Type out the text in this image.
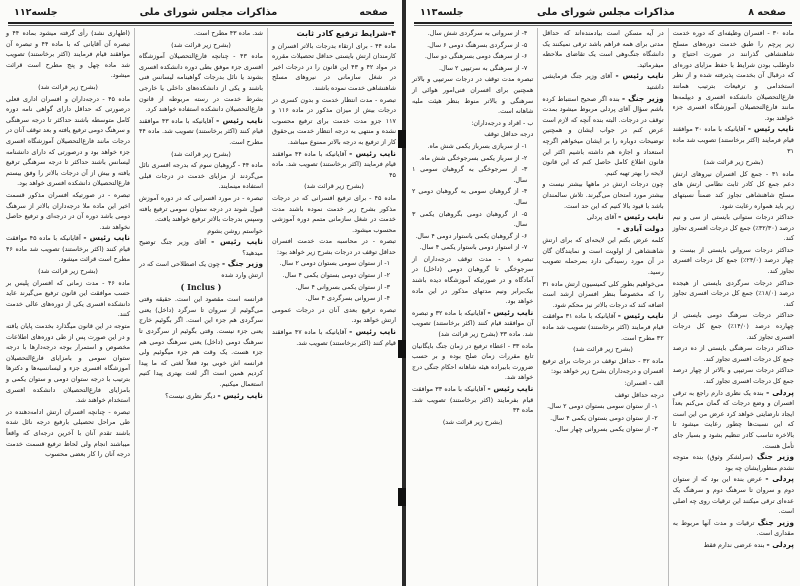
صفحه
مذاکرات مجلس شورای ملی
جلسه۱۱۲

۴-شرایط ترفیع کادر ثابت

ماده ۴۴ - برای ارتقاء بدرجات بالاتر افسران و کارمندان ارتش بایستی حداقل تحصیلات مقرره در مواد ۴۲ و ۴۳ این قانون را در درجات اخیر در شغل سازمانی در نیروهای مسلح شاهنشاهی خدمت نموده باشند.

تبصره - مدت انتظار خدمت و بدون کسری در درجات بیش از میزان مذکور در ماده ۱۱۶ و ۱۱۷ جزو مدت خدمت برای ترفیع محسوب نشده و منتهی به درجه انتظار خدمت بی‌حقوق کار از ترفیع به درجه بالاتر ممنوع میباشد.

نایب رئیس - آقایانیکه با ماده ۴۴ موافقند قیام فرمایند (اکثر برخاستند) تصویب شد. ماده ۴۵

(بشرح زیر قرائت شد)

ماده ۴۵ - برای ترفیع افسرانی که در درجات مذکور بشرح زیر خدمت نموده باشند مدت خدمت در شغل سازمانی متمم دوره آموزشی محسوب میشود.

تبصره - در محاسبه مدت خدمت افسران حداقل توقف در درجات بشرح زیر خواهد بود:

۱- از ستوان سومی بستوان دومی ۲ سال.

۲- از ستوان دومی بستوان یکمی ۴ سال.

۳- از ستوان یکمی بسروانی ۴ سال.

۴- از سروانی بسرگردی ۴ سال.

تبصره ترفیع بعدی آنان در درجات عمومی ارتش خواهد بود.

نایب رئیس - آقایانیکه با ماده ۴۷ موافقند قیام کنند (اکثر برخاستند) تصویب شد.

شد. ماده ۴۳ مطرح است.

(بشرح زیر قرائت شد)

ماده ۴۳ - چنانچه فارغ‌التحصیلان آموزشگاه افسری جزء موفق بطی دوره دانشکده افسری بشوند یا نائل بدرجات گواهینامه لیسانس فنی باشند و یکی از دانشکده‌های داخلی یا خارجی بشرط خدمت در رسته مربوطه از قانون فارغ‌التحصیلان دانشکده استفاده خواهند کرد.

نایب رئیس - آقایانیکه با ماده ۴۳ موافقند قیام کنند (اکثر برخاستند) تصویب شد. ماده ۴۴ مطرح است.

(بشرح زیر قرائت شد)

ماده ۴۴ - گروهبان سوم که بدرجه افسری نائل می‌گردند از مزایای خدمت در درجات قبلی استفاده مینمایند.

تبصره - در مورد افسرانی که در دوره آموزش قبول شوند در درجه ستوان سومی ترفیع یافته وسپس بدرجات بالاتر ترفیع خواهند یافت.

خواستم روشن بشوم

نایب رئیس - آقای وزیر جنگ توضیح میدهید؟

وزیر جنگ - چون یک اصطلاحی است که در ارتش وارد شده

( Inclus )

فرانسه است مقصود این است. حقیقه وقتی می‌گوئیم از سروان تا سرگرد (داخل) یعنی سرگردی هم جزء این است. اگر بگوئیم خارج یعنی جزء نیست. وقتی بگوئیم از سرگردی تا سرهنگ دومی (داخل) یعنی سرهنگ دومی هم جزء هست. یک وقت هم جزء میگوئیم ولی فرانسه اش خوبی بود فعلاً لغتی که ما پیدا کردیم همین است اگر لغت بهتری پیدا کنیم استعمال میکنیم.

نایب رئیس - دیگر نظری نیست؟

(اظهاری نشد) رأی گرفته میشود بماده ۴۴ و تبصره آن آقایانی که با ماده ۴۴ و تبصره آن موافقند قیام فرمایند (اکثر برخاستند) تصویب شد ماده چهل و پنج مطرح است قرائت میشود.

(بشرح زیر قرائت شد)

ماده ۴۵ - درجه‌داران و افسران اداری فعلی درصورتی که حداقل دارای گواهی نامه دوره کامل متوسطه باشند حداکثر تا درجه سرهنگی و سرهنگ دومی ترفیع یافته و بعد توقف آنان در درجات مانند فارغ‌التحصیلان آموزشگاه افسری جزء خواهد بود و درصورتی که دارای دانشنامه لیسانس باشند حداکثر تا درجه سرهنگی ترفیع یافته و بیش از آن درجات بالاتر را وفق بیستم فارغ‌التحصیلان دانشکده افسری خواهد بود.

تبصره - در صورتیکه افسران مذکور قسمت اخیر این ماده ملا درجه‌داران بالاتر از سرهنگ دومی باشد دوره آن در درجه‌ای و ترفیع حاصل نخواهد شد.

نایب رئیس - آقایانیکه با ماده ۴۵ موافقت قیام کنند (اکثر برخاستند) تصویب شد ماده ۴۶ مطرح است قرائت میشود.

(بشرح زیر قرائت شد)

ماده ۴۶ - مدت زمانی که افسران پلیس بر حسب موافقت این قانون ترفیع می‌گیرند عاید دانشکده افسری یکی از دوره‌های عالی خدمت کنند.

متوجه در این قانون میگذارد بخدمت پایان یافته و در این صورت پس از طی دوره‌های اطلاعات مخصوص و استمرار بوجه درجه‌دارها با درجه ستوان سومی و بامزایای فارغ‌التحصیلان آموزشگاه افسری جزء و لیسانسیه‌ها و دکترها بترتیب با درجه ستوان دومی و ستوان یکمی و بامزایای فارغ‌التحصیلان دانشکده افسری استخدام خواهند شد.

تبصره - چنانچه افسران ارتش ادامه‌دهنده در طی مراحل تحصیلی بارفیع درجه نائل شده باشند تقدم آنان با آخرین درجه‌ای که واقعاً میباشند انجام ولی لحاظ ترفیع قسمت خدمت درجه آنان را کار بعضی محسوب

صفحه ۸
مذاکرات مجلس شورای ملی
جلسه۱۱۳

ماده ۳۰ - افسران وظیفه‌ای که دوره خدمت زیر پرچم را طبق خدمت دوره‌های مسلح شاهنشاهی گذرانند در صورت احتیاج و داوطلب بودن شرایط با حفظ مزایای دوره‌ای که درقبال آن بخدمت پذیرفته شده و از نظر استخدامی و ترفیعات بترتیب همانند فارغ‌التحصیلان دانشکده افسری و دیپلمه‌ها مانند فارغ‌التحصیلان آموزشگاه افسری جزء خواهند بود.

نایب رئیس - آقایانیکه با ماده ۳۰ موافقند قیام فرمایند (اکثر برخاستند) تصویب شد ماده ۳۱

(بشرح زیر قرائت شد)

ماده ۳۱ - جمع کل افسران نیروهای ارتش دعم جمع کل کادر ثابت نظامی ارتش های مسلح شاهنشاهی تجاوز کند ضمناً نسبتهای زیر باید همواره رعایت شود.

حداکثر درجات ستوانی بایستی از سی و نیم درصد (۳۲/۳۰٪) جمع کل درجات افسری تجاوز کند.

حداکثر درجات سروانی بایستی از بیست و چهار درصد (۲۴/۰٪) جمع کل درجات افسری تجاوز کند.

حداکثر درجات سرگردی بایستی از هیجده درصد (۱۸/۰٪) جمع کل درجات افسری تجاوز کند.

حداکثر درجات سرهنگ دومی بایستی از چهارده درصد (۱۴/۰٪) جمع کل درجات افسری تجاوز کند.

حداکثر درجات سرهنگی بایستی از ده درصد جمع کل درجات افسری تجاوز کند.

حداکثر درجات سرتیپی و بالاتر از چهار درصد جمع کل درجات افسری تجاوز کند.

پردلی - بنده یک نظری دارم راجع به ترقی افسران و وضع درجات که گمان می‌کنم بعداً ایجاد نارضایتی خواهد کرد عرض من این است که این نسبت‌ها چطور رعایت میشود تا بالاخره تناسب کادر تنظیم بشود و بسیار جای تأمل هست.

وزیر جنگ (سرلشکر وثوق) بنده متوجه نشدم منظورایشان چه بود

پردلی - عرض بنده این بود که از ستوان دوم و سروان تا سرهنگ دوم و سرهنگ یک عده‌ای ترقی میکنند این ترقیات روی چه اصلی است.

وزیر جنگ ترقیات و مدت آنها مربوط به مقداری است.

پردلی - بنده عرضی ندارم فقط

در آیه مسکن است بیادمنده‌اند که حداقل مدتی برای همه فراهم باشد ترقی نمیکنند یک دانشگاه جنگ‌وهی است یک تقاضای ملاحظه میفرمائید.

نایب رئیس - آقای وزیر جنگ فرمایشی داشتید

وزیر جنگ - بنده اگر صحیح استنباط کرده باشم سؤال آقای پردلی مربوط میشود بمدت توقف در درجات. البته بنده آنچه که لازم است عرض کنم در جواب ایشان و همچنین توضیحات دوباره را بر ایشان میخواهم اگرچه استعداد و اجازه هم داشته باشیم اکثر این قانون اطلاع کامل حاصل کنم که این قانون لایحه را بهتر تهیه کنیم.

چون درجات ارتش در ماهها بیشتر نیست و بیشتر مورد امتحان می‌گیرند. تلاش سالمندان باشد با قیود بالا کنیم که این حد است.

نایب رئیس - آقای پردلی

دولت آبادی -

کلمه عرض بکنم این لایحه‌ای که برای ارتش شاهنشاهی از اولویت است و نمایندگان گان در آن مورد رسیدگی دارد بمرحمله تصویب رسید.

می‌خواهیم بطور کلی کمیسیون ارتش ماده ۳۱ را که مخصوصاً بنظر افسران ارشد است اضافه کند که درجات بالاتر نیز محکم شود.

نایب رئیس - آقایانیکه با ماده ۳۱ موافقت قیام فرمایند (اکثر برخاستند) تصویب شد ماده ۳۲ مطرح است.

(بشرح زیر قرائت شد)

ماده ۳۲ - حداقل توقف در درجات برای ترفیع افسران و درجه‌داران بشرح زیر خواهد بود:

الف - افسران:

درجه حداقل توقف

۱- از ستوان سومی بستوان دومی ۲ سال.

۲- از ستوان دومی بستوان یکمی ۴ سال.

۳- از ستوان یکمی بسروانی چهار سال.

۴- از سروانی به سرگردی شش سال.

۵- از سرگردی بسرهنگ دومی ۶ سال.

۶- از سرهنگ دومی بسرهنگی دو سال.

۷- از سرهنگی به سرتیپی ۲ سال.

تبصره مدت توقف در درجات سرتیپی و بالاتر همچنین برای افسران فنی‌امور هوائی از سرهنگی و بالاتر منوط بنظر هیئت ملیه شاهانه است.

ب - افراد و درجه‌داران:

درجه حداقل توقف

۱- از سربازی بسرباز یکمی شش ماه.

۲- از سرباز یکمی بسرجوخگی شش ماه.

۳- از سرجوخگی به گروهبان سومی ۱ سال.

۴- از گروهبان سومی به گروهبان دومی ۲ سال.

۵- از گروهبان دومی بگروهبان یکمی ۳ سال.

۶- از گروهبان یکمی باستوار دومی ۴ سال.

۷- از استوار دومی باستوار یکمی ۴ سال.

تبصره ۱ - مدت توقف درجه‌داران از سرجوخگی تا گروهبان دومی (داخل) در آمادگاه و در صورتیکه آموزشگاه دیده باشند بیک‌برابر ونیم مدتهای مذکور در این ماده خواهد بود.

نایب رئیس - آقایانیکه با ماده ۳۲ و تبصره آن موافقند قیام کنند (اکثر برخاستند) تصویب شد. ماده ۳۳ (بشرح زیر قرائت شد)

ماده ۳۳ - اعطاء ترفیع در زمان جنگ بایگانیان تابع مقررات زمان صلح بوده و بر حسب ضرورت بابیراده هیئه شاهانه احکام جنگی درج خواهد شد.

نایب رئیس - آقایانیکه با ماده ۳۳ موافقت قیام بفرمایند (اکثر برخاستند) تصویب شد. ماده ۳۴

(بشرح زیر قرائت شد)
